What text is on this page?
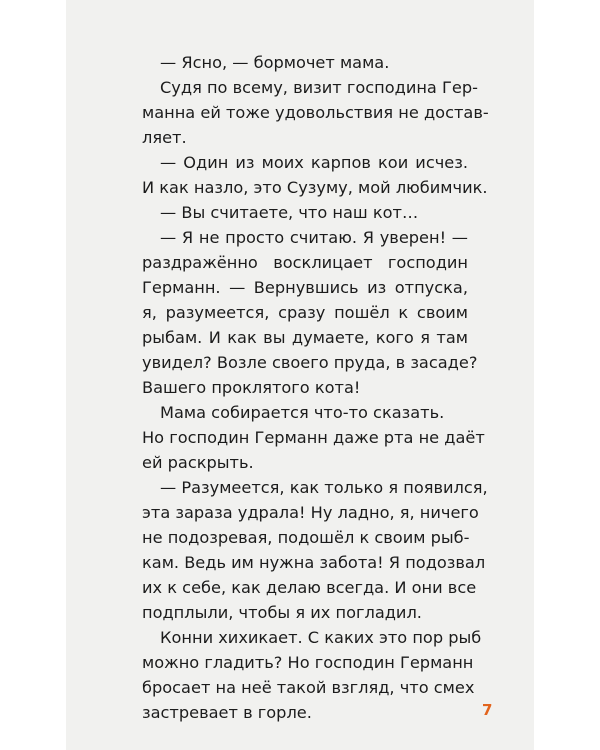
— Ясно, — бормочет мама.
Судя по всему, визит господина Гер-
манна ей тоже удовольствия не достав-
ляет.
— Один из моих карпов кои исчез.
И как назло, это Сузуму, мой любимчик.
— Вы считаете, что наш кот…
— Я не просто считаю. Я уверен! —
раздражённо восклицает господин
Германн. — Вернувшись из отпуска,
я, разумеется, сразу пошёл к своим
рыбам. И как вы думаете, кого я там
увидел? Возле своего пруда, в засаде?
Вашего проклятого кота!
Мама собирается что-то сказать.
Но господин Германн даже рта не даёт
ей раскрыть.
— Разумеется, как только я появился,
эта зараза удрала! Ну ладно, я, ничего
не подозревая, подошёл к своим рыб-
кам. Ведь им нужна забота! Я подозвал
их к себе, как делаю всегда. И они все
подплыли, чтобы я их погладил.
Конни хихикает. С каких это пор рыб
можно гладить? Но господин Германн
бросает на неё такой взгляд, что смех
застревает в горле.	7
